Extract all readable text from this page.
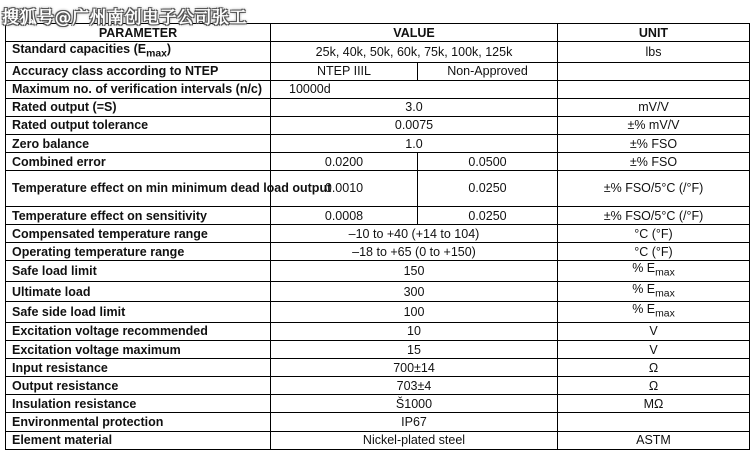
搜狐号@广州南创电子公司张工
PARAMETER	VALUE		UNIT
Standard capacities $(E_{max})$	25k, 40k, 50k, 60k, 75k, 100k, 125k		lbs
Accuracy class according to NTEP	NTEP IIIL	Non-Approved	
Maximum no. of verification intervals (n/c)	10000d		
Rated output (=S)	3.0		mV/V
Rated output tolerance	0.0075		±% mV/V
Zero balance	1.0		±% FSO
Combined error	0.0200	0.0500	±% FSO
Temperature effect on min minimum dead load output	0.0010	0.0250	±% FSO/5°C (/°F)
Temperature effect on sensitivity	0.0008	0.0250	±% FSO/5°C (/°F)
Compensated temperature range	–10 to +40 (+14 to 104)		°C (°F)
Operating temperature range	–18 to +65 (0 to +150)		°C (°F)
Safe load limit	150		% $E_{max}$
Ultimate load	300		% $E_{max}$
Safe side load limit	100		% $E_{max}$
Excitation voltage recommended	10		V
Excitation voltage maximum	15		V
Input resistance	700±14		Ω
Output resistance	703±4		Ω
Insulation resistance	Š1000		MΩ
Environmental protection	IP67		
Element material	Nickel-plated steel		ASTM
